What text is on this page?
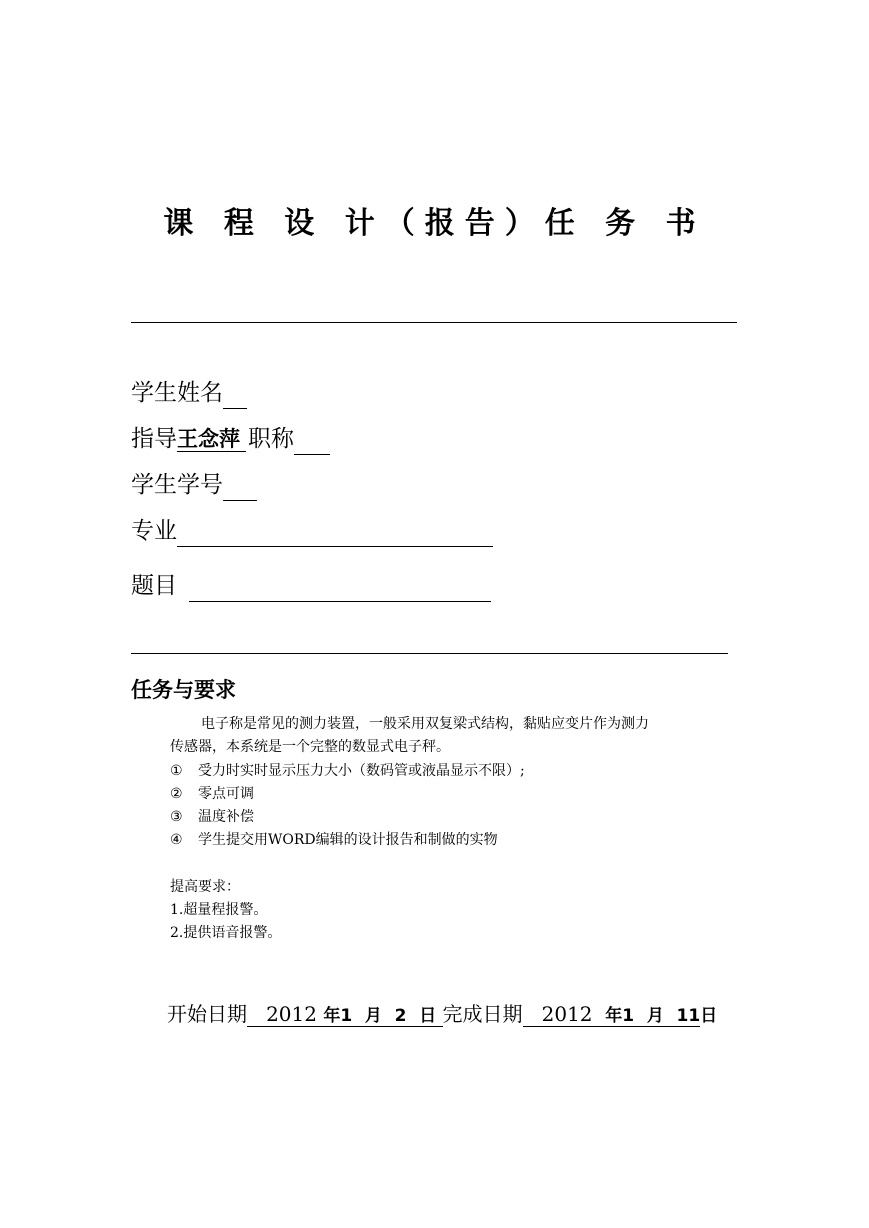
课 程 设 计（报告）任 务 书
学生姓名
指导王念萍 职称
学生学号
专业
题目
任务与要求
电子称是常见的测力装置，一般采用双复梁式结构，黏贴应变片作为测力
传感器，本系统是一个完整的数显式电子秤。
① 受力时实时显示压力大小（数码管或液晶显示不限）;
② 零点可调
③ 温度补偿
④ 学生提交用WORD编辑的设计报告和制做的实物
提高要求：
1.超量程报警。
2.提供语音报警。
开始日期 2012 年1 月 2 日 完成日期 2012 年1 月 11日
